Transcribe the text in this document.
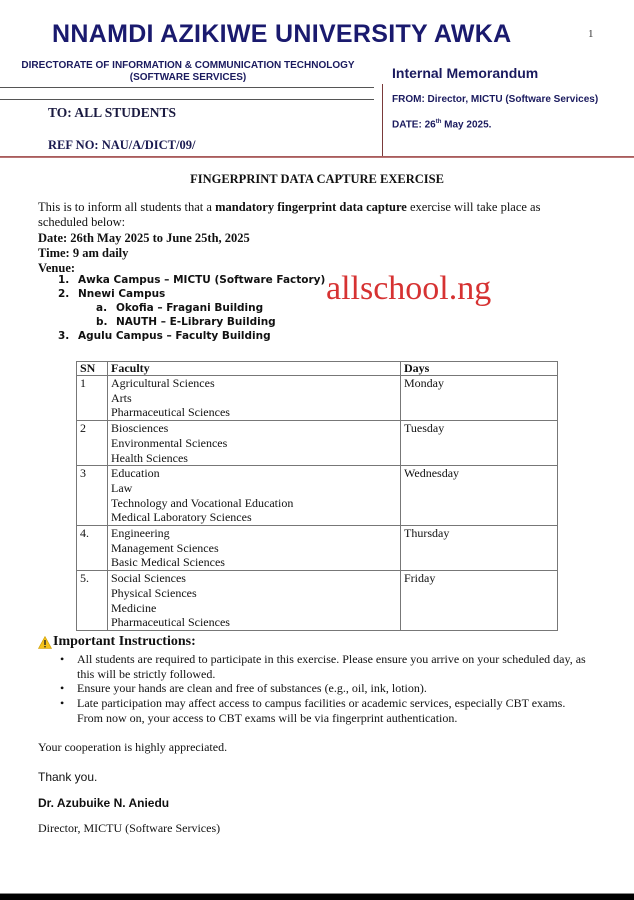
NNAMDI AZIKIWE UNIVERSITY AWKA	1
DIRECTORATE OF INFORMATION & COMMUNICATION TECHNOLOGY
(SOFTWARE SERVICES)
TO: ALL STUDENTS
REF NO: NAU/A/DICT/09/
Internal Memorandum
FROM: Director, MICTU (Software Services)
DATE: 26th May 2025.
FINGERPRINT DATA CAPTURE EXERCISE
This is to inform all students that a mandatory fingerprint data capture exercise will take place as scheduled below:
Date: 26th May 2025 to June 25th, 2025
Time: 9 am daily
Venue:
1. Awka Campus – MICTU (Software Factory)
2. Nnewi Campus
a. Okofia – Fragani Building
b. NAUTH – E-Library Building
3. Agulu Campus – Faculty Building
allschool.ng
SN	Faculty	Days
1	Agricultural Sciences
Arts
Pharmaceutical Sciences	Monday
2	Biosciences
Environmental Sciences
Health Sciences	Tuesday
3	Education
Law
Technology and Vocational Education
Medical Laboratory Sciences	Wednesday
4.	Engineering
Management Sciences
Basic Medical Sciences	Thursday
5.	Social Sciences
Physical Sciences
Medicine
Pharmaceutical Sciences	Friday
Important Instructions:
• All students are required to participate in this exercise. Please ensure you arrive on your scheduled day, as this will be strictly followed.
• Ensure your hands are clean and free of substances (e.g., oil, ink, lotion).
• Late participation may affect access to campus facilities or academic services, especially CBT exams. From now on, your access to CBT exams will be via fingerprint authentication.
Your cooperation is highly appreciated.
Thank you.
Dr. Azubuike N. Aniedu
Director, MICTU (Software Services)
